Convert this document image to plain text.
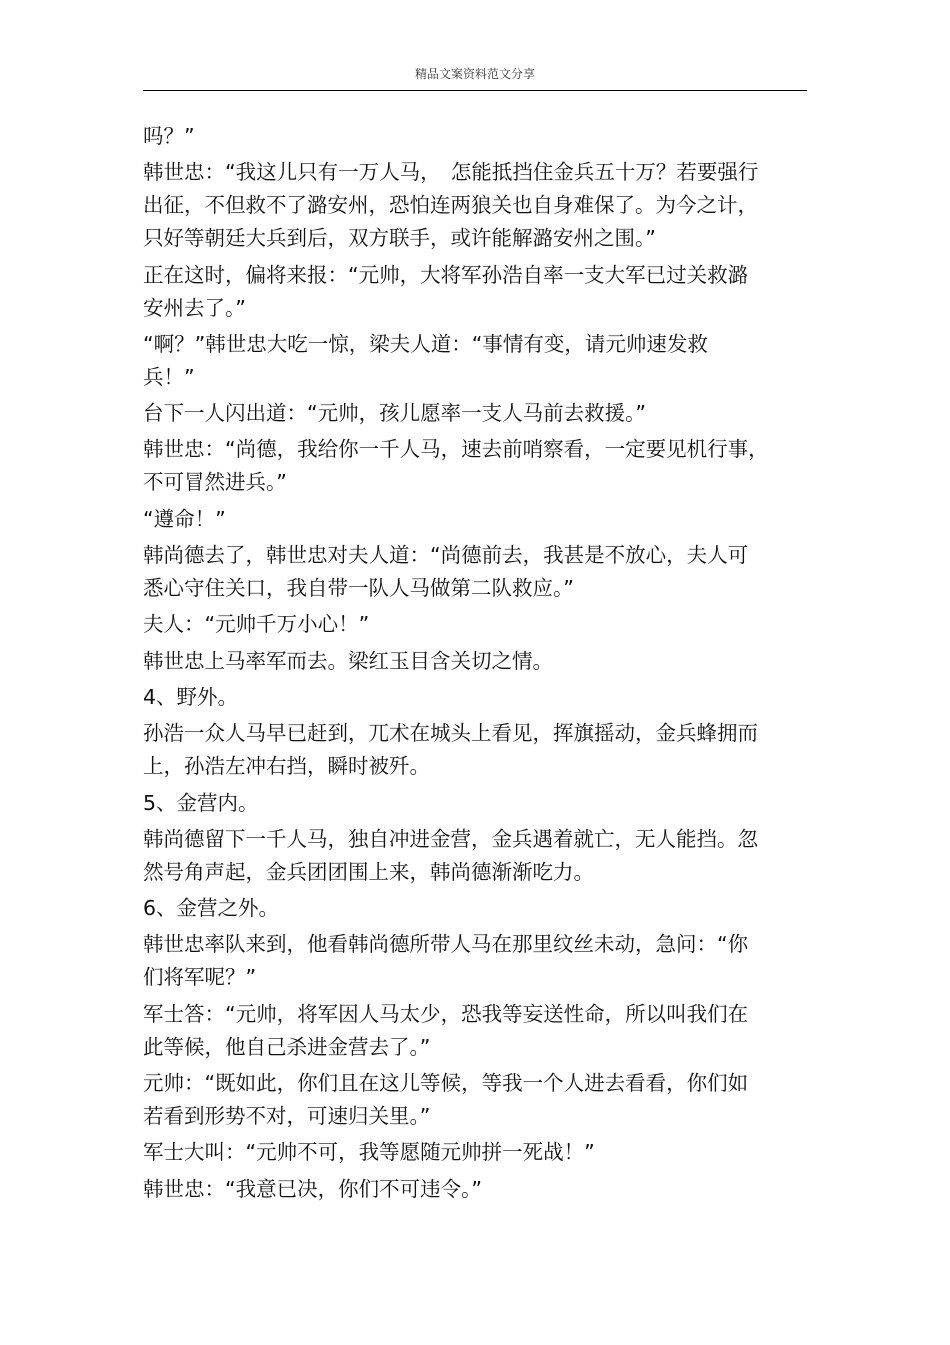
精品文案资料范文分享
吗？”
韩世忠：“我这儿只有一万人马，　怎能抵挡住金兵五十万？若要强行
出征，不但救不了潞安州，恐怕连两狼关也自身难保了。为今之计，
只好等朝廷大兵到后，双方联手，或许能解潞安州之围。”
正在这时，偏将来报：“元帅，大将军孙浩自率一支大军已过关救潞
安州去了。”
“啊？”韩世忠大吃一惊，梁夫人道：“事情有变，请元帅速发救
兵！”
台下一人闪出道：“元帅，孩儿愿率一支人马前去救援。”
韩世忠：“尚德，我给你一千人马，速去前哨察看，一定要见机行事，
不可冒然进兵。”
“遵命！”
韩尚德去了，韩世忠对夫人道：“尚德前去，我甚是不放心，夫人可
悉心守住关口，我自带一队人马做第二队救应。”
夫人：“元帅千万小心！”
韩世忠上马率军而去。梁红玉目含关切之情。
4、野外。
孙浩一众人马早已赶到，兀术在城头上看见，挥旗摇动，金兵蜂拥而
上，孙浩左冲右挡，瞬时被歼。
5、金营内。
韩尚德留下一千人马，独自冲进金营，金兵遇着就亡，无人能挡。忽
然号角声起，金兵团团围上来，韩尚德渐渐吃力。
6、金营之外。
韩世忠率队来到，他看韩尚德所带人马在那里纹丝未动，急问：“你
们将军呢？”
军士答：“元帅，将军因人马太少，恐我等妄送性命，所以叫我们在
此等候，他自己杀进金营去了。”
元帅：“既如此，你们且在这儿等候，等我一个人进去看看，你们如
若看到形势不对，可速归关里。”
军士大叫：“元帅不可，我等愿随元帅拼一死战！”
韩世忠：“我意已决，你们不可违令。”
